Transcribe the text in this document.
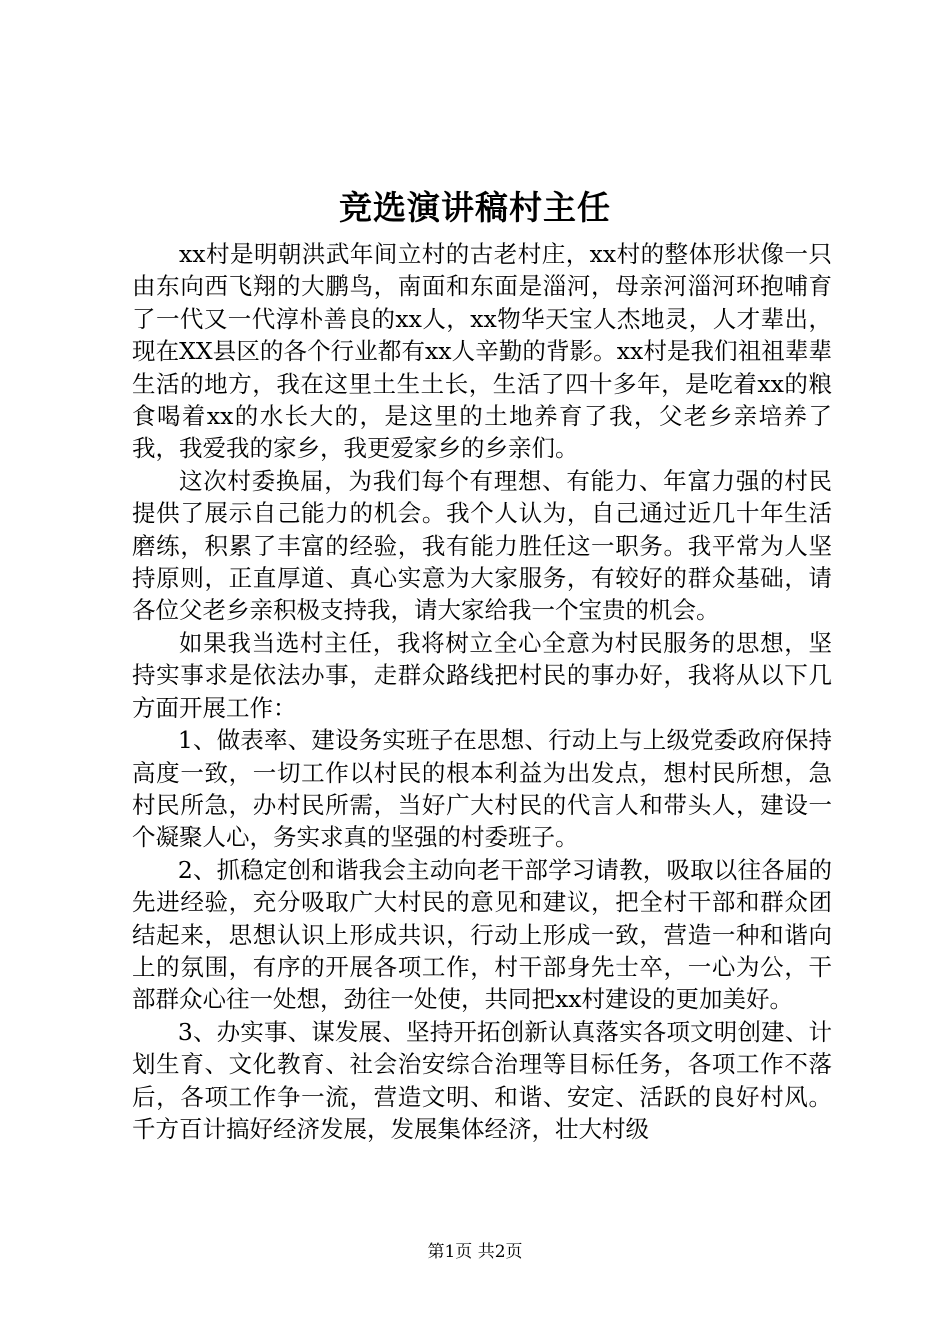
竞选演讲稿村主任

xx村是明朝洪武年间立村的古老村庄，xx村的整体形状像一只由东向西飞翔的大鹏鸟，南面和东面是淄河，母亲河淄河环抱哺育了一代又一代淳朴善良的xx人，xx物华天宝人杰地灵，人才辈出，现在XX县区的各个行业都有xx人辛勤的背影。xx村是我们祖祖辈辈生活的地方，我在这里土生土长，生活了四十多年，是吃着xx的粮食喝着xx的水长大的，是这里的土地养育了我，父老乡亲培养了我，我爱我的家乡，我更爱家乡的乡亲们。

这次村委换届，为我们每个有理想、有能力、年富力强的村民提供了展示自己能力的机会。我个人认为，自己通过近几十年生活磨练，积累了丰富的经验，我有能力胜任这一职务。我平常为人坚持原则，正直厚道、真心实意为大家服务，有较好的群众基础，请各位父老乡亲积极支持我，请大家给我一个宝贵的机会。

如果我当选村主任，我将树立全心全意为村民服务的思想，坚持实事求是依法办事，走群众路线把村民的事办好，我将从以下几方面开展工作：

1、做表率、建设务实班子在思想、行动上与上级党委政府保持高度一致，一切工作以村民的根本利益为出发点，想村民所想，急村民所急，办村民所需，当好广大村民的代言人和带头人，建设一个凝聚人心，务实求真的坚强的村委班子。

2、抓稳定创和谐我会主动向老干部学习请教，吸取以往各届的先进经验，充分吸取广大村民的意见和建议，把全村干部和群众团结起来，思想认识上形成共识，行动上形成一致，营造一种和谐向上的氛围，有序的开展各项工作，村干部身先士卒，一心为公，干部群众心往一处想，劲往一处使，共同把xx村建设的更加美好。

3、办实事、谋发展、坚持开拓创新认真落实各项文明创建、计划生育、文化教育、社会治安综合治理等目标任务，各项工作不落后，各项工作争一流，营造文明、和谐、安定、活跃的良好村风。千方百计搞好经济发展，发展集体经济，壮大村级

第1页 共2页
